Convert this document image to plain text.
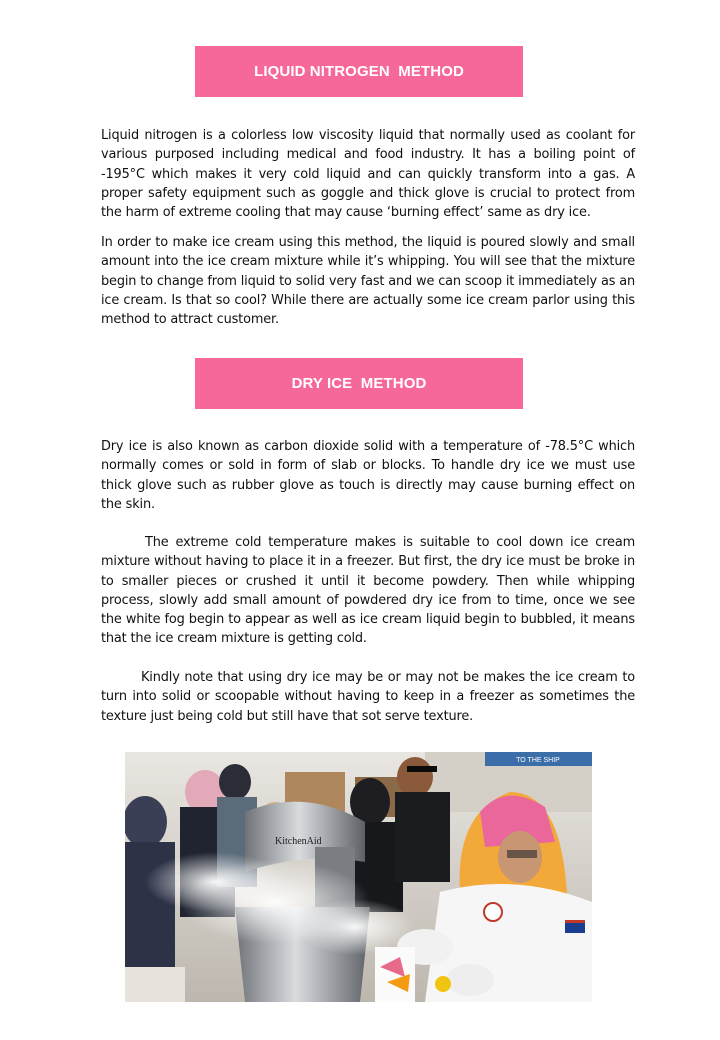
LIQUID NITROGEN  METHOD

Liquid nitrogen is a colorless low viscosity liquid that normally used as coolant for various purposed including medical and food industry. It has a boiling point of -195°C which makes it very cold liquid and can quickly transform into a gas. A proper safety equipment such as goggle and thick glove is crucial to protect from the harm of extreme cooling that may cause ‘burning effect’ same as dry ice.

In order to make ice cream using this method, the liquid is poured slowly and small amount into the ice cream mixture while it’s whipping. You will see that the mixture begin to change from liquid to solid very fast and we can scoop it immediately as an ice cream. Is that so cool? While there are actually some ice cream parlor using this method to attract customer.

DRY ICE  METHOD

Dry ice is also known as carbon dioxide solid with a temperature of -78.5°C which normally comes or sold in form of slab or blocks. To handle dry ice we must use thick glove such as rubber glove as touch is directly may cause burning effect on the skin.

The extreme cold temperature makes is suitable to cool down ice cream mixture without having to place it in a freezer. But first, the dry ice must be broke in to smaller pieces or crushed it until it become powdery. Then while whipping process, slowly add small amount of powdered dry ice from to time, once we see the white fog begin to appear as well as ice cream liquid begin to bubbled, it means that the ice cream mixture is getting cold.

Kindly note that using dry ice may be or may not be makes the ice cream to turn into solid or scoopable without having to keep in a freezer as sometimes the texture just being cold but still have that sot serve texture.

TO THE SHIP
KitchenAid
